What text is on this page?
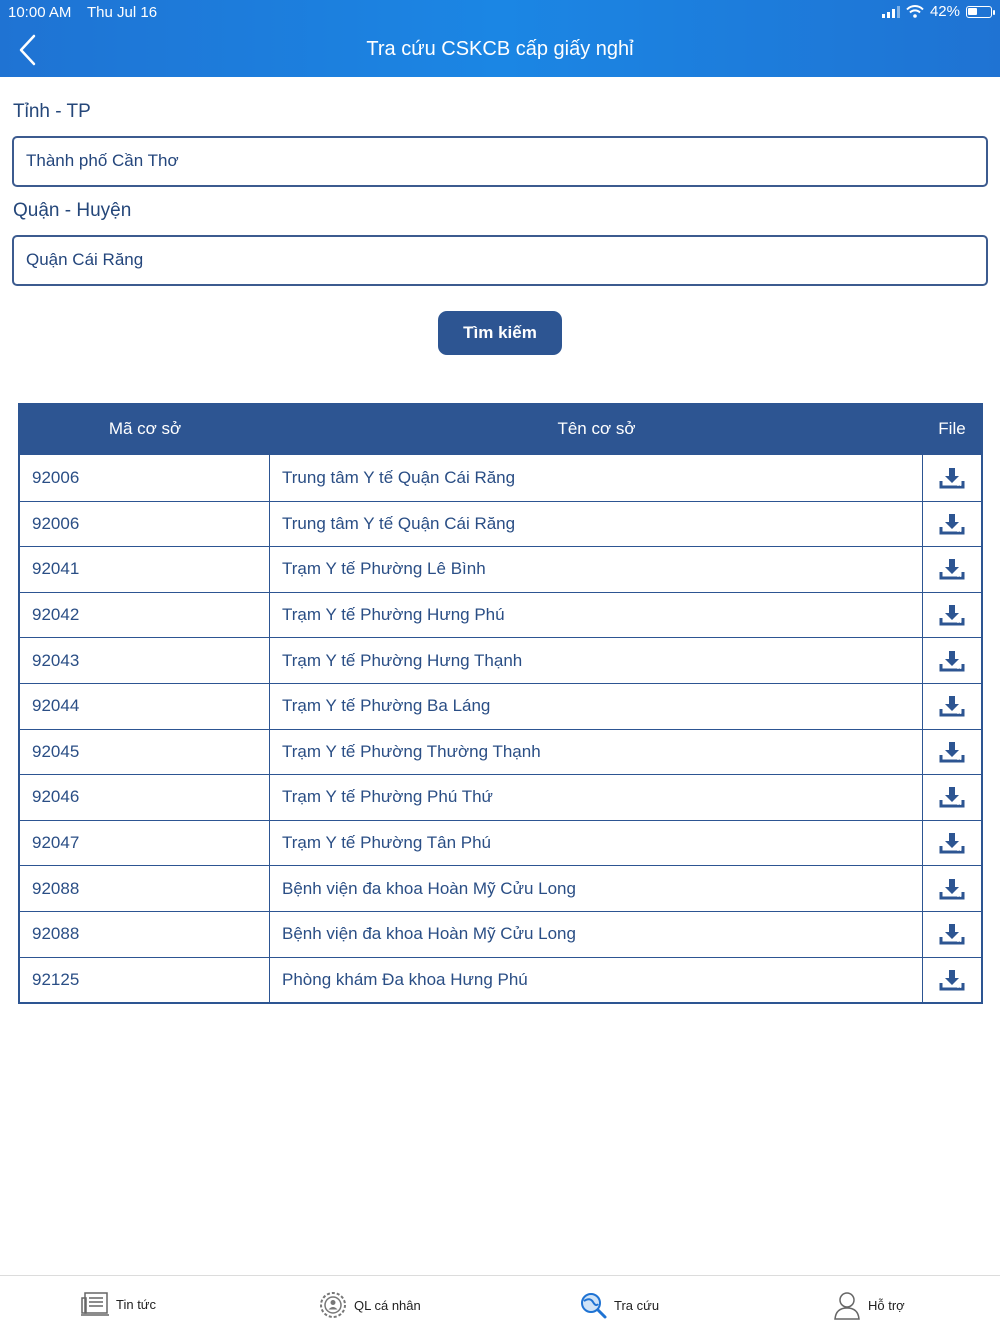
10:00 AM Thu Jul 16	42%
Tra cứu CSKCB cấp giấy nghỉ
Tỉnh - TP
Thành phố Cần Thơ
Quận - Huyện
Quận Cái Răng
Tìm kiếm
Mã cơ sở	Tên cơ sở	File
92006	Trung tâm Y tế Quận Cái Răng
92006	Trung tâm Y tế Quận Cái Răng
92041	Trạm Y tế Phường Lê Bình
92042	Trạm Y tế Phường Hưng Phú
92043	Trạm Y tế Phường Hưng Thạnh
92044	Trạm Y tế Phường Ba Láng
92045	Trạm Y tế Phường Thường Thạnh
92046	Trạm Y tế Phường Phú Thứ
92047	Trạm Y tế Phường Tân Phú
92088	Bệnh viện đa khoa Hoàn Mỹ Cửu Long
92088	Bệnh viện đa khoa Hoàn Mỹ Cửu Long
92125	Phòng khám Đa khoa Hưng Phú
Tin tức	QL cá nhân	Tra cứu	Hỗ trợ
